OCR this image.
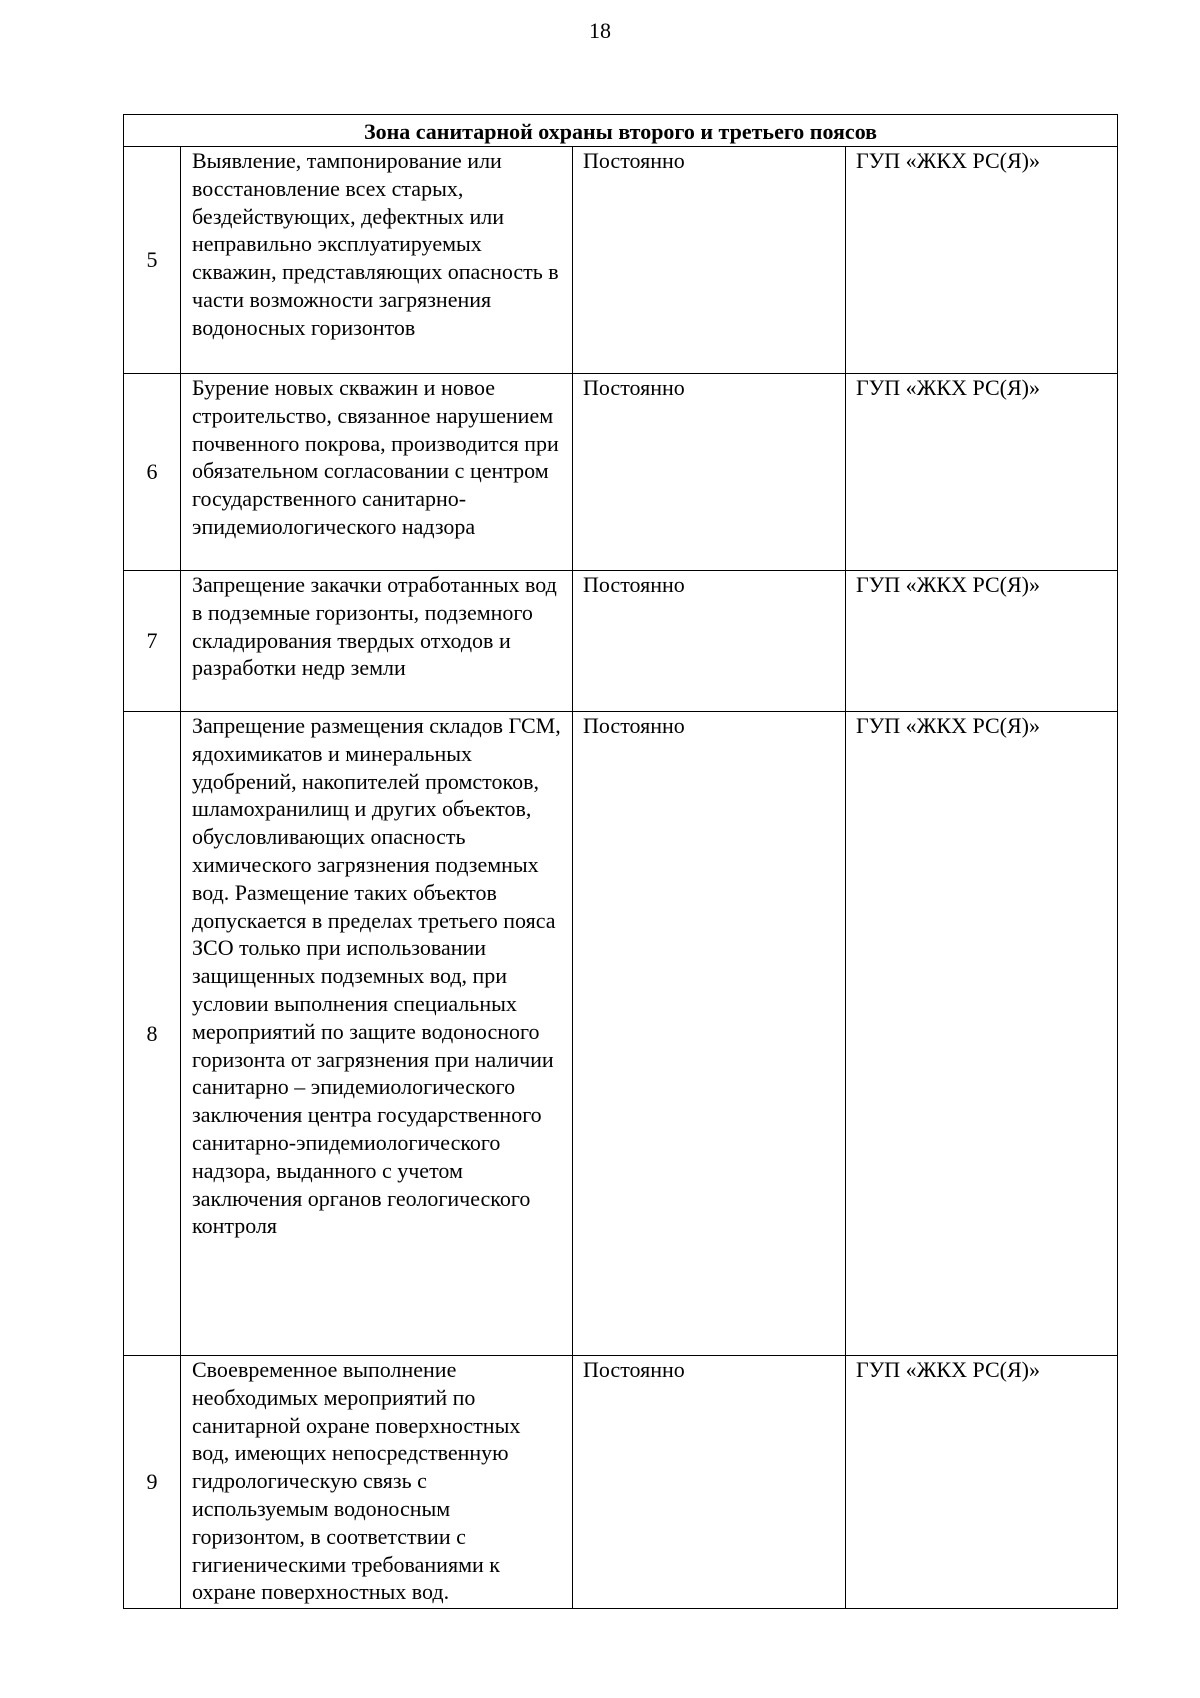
18
Зона санитарной охраны второго и третьего поясов			
5	Выявление, тампонирование или восстановление всех старых, бездействующих, дефектных или неправильно эксплуатируемых скважин, представляющих опасность в части возможности загрязнения водоносных горизонтов	Постоянно	ГУП «ЖКХ РС(Я)»
6	Бурение новых скважин и новое строительство, связанное нарушением почвенного покрова, производится при обязательном согласовании с центром государственного санитарно-эпидемиологического надзора	Постоянно	ГУП «ЖКХ РС(Я)»
7	Запрещение закачки отработанных вод в подземные горизонты, подземного складирования твердых отходов и разработки недр земли	Постоянно	ГУП «ЖКХ РС(Я)»
8	Запрещение размещения складов ГСМ, ядохимикатов и минеральных удобрений, накопителей промстоков, шламохранилищ и других объектов, обусловливающих опасность химического загрязнения подземных вод. Размещение таких объектов допускается в пределах третьего пояса ЗСО только при использовании защищенных подземных вод, при условии выполнения специальных мероприятий по защите водоносного горизонта от загрязнения при наличии санитарно – эпидемиологического заключения центра государственного санитарно-эпидемиологического надзора, выданного с учетом заключения органов геологического контроля	Постоянно	ГУП «ЖКХ РС(Я)»
9	Своевременное выполнение необходимых мероприятий по санитарной охране поверхностных вод, имеющих непосредственную гидрологическую связь с используемым водоносным горизонтом, в соответствии с гигиеническими требованиями к охране поверхностных вод.	Постоянно	ГУП «ЖКХ РС(Я)»
